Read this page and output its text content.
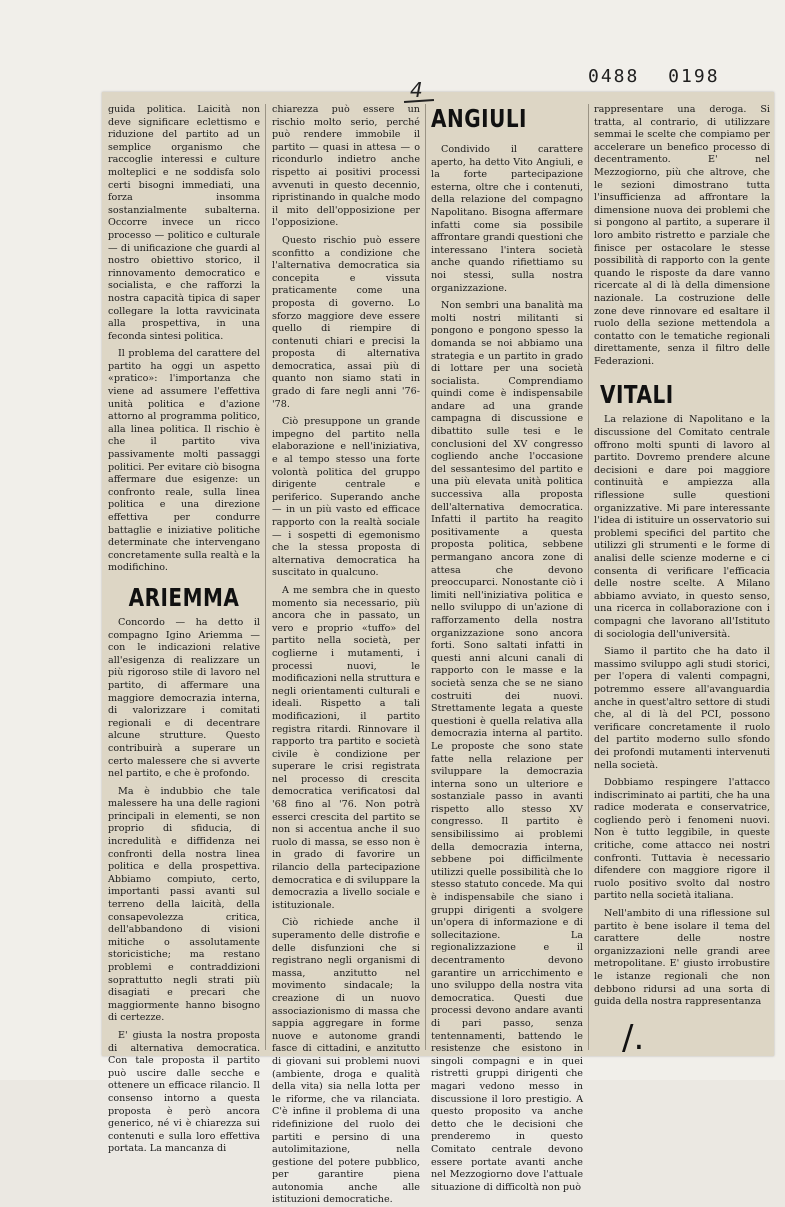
4
0488 0198

guida politica. Laicità non deve significare eclettismo e riduzione del partito ad un semplice organismo che raccoglie interessi e culture molteplici e ne soddisfa solo certi bisogni immediati, una forza insomma sostanzialmente subalterna. Occorre invece un ricco processo — politico e culturale — di unificazione che guardi al nostro obiettivo storico, il rinnovamento democratico e socialista, e che rafforzi la nostra capacità tipica di saper collegare la lotta ravvicinata alla prospettiva, in una feconda sintesi politica.

Il problema del carattere del partito ha oggi un aspetto «pratico»: l'importanza che viene ad assumere l'effettiva unità politica e d'azione attorno al programma politico, alla linea politica. Il rischio è che il partito viva passivamente molti passaggi politici. Per evitare ciò bisogna affermare due esigenze: un confronto reale, sulla linea politica e una direzione effettiva per condurre battaglie e iniziative politiche determinate che intervengano concretamente sulla realtà e la modifichino.

ARIEMMA

Concordo — ha detto il compagno Igino Ariemma — con le indicazioni relative all'esigenza di realizzare un più rigoroso stile di lavoro nel partito, di affermare una maggiore democrazia interna, di valorizzare i comitati regionali e di decentrare alcune strutture. Questo contribuirà a superare un certo malessere che si avverte nel partito, e che è profondo.

Ma è indubbio che tale malessere ha una delle ragioni principali in elementi, se non proprio di sfiducia, di incredulità e diffidenza nei confronti della nostra linea politica e della prospettiva. Abbiamo compiuto, certo, importanti passi avanti sul terreno della laicità, della consapevolezza critica, dell'abbandono di visioni mitiche o assolutamente storicistiche; ma restano problemi e contraddizioni soprattutto negli strati più disagiati e precari che maggiormente hanno bisogno di certezze.

E' giusta la nostra proposta di alternativa democratica. Con tale proposta il partito può uscire dalle secche e ottenere un efficace rilancio. Il consenso intorno a questa proposta è però ancora generico, né vi è chiarezza sui contenuti e sulla loro effettiva portata. La mancanza di

chiarezza può essere un rischio molto serio, perché può rendere immobile il partito — quasi in attesa — o ricondurlo indietro anche rispetto ai positivi processi avvenuti in questo decennio, ripristinando in qualche modo il mito dell'opposizione per l'opposizione.

Questo rischio può essere sconfitto a condizione che l'alternativa democratica sia concepita e vissuta praticamente come una proposta di governo. Lo sforzo maggiore deve essere quello di riempire di contenuti chiari e precisi la proposta di alternativa democratica, assai più di quanto non siamo stati in grado di fare negli anni '76-'78.

Ciò presuppone un grande impegno del partito nella elaborazione e nell'iniziativa, e al tempo stesso una forte volontà politica del gruppo dirigente centrale e periferico. Superando anche — in un più vasto ed efficace rapporto con la realtà sociale — i sospetti di egemonismo che la stessa proposta di alternativa democratica ha suscitato in qualcuno.

A me sembra che in questo momento sia necessario, più ancora che in passato, un vero e proprio «tuffo» del partito nella società, per coglierne i mutamenti, i processi nuovi, le modificazioni nella struttura e negli orientamenti culturali e ideali. Rispetto a tali modificazioni, il partito registra ritardi. Rinnovare il rapporto tra partito e società civile è condizione per superare le crisi registrata nel processo di crescita democratica verificatosi dal '68 fino al '76. Non potrà esserci crescita del partito se non si accentua anche il suo ruolo di massa, se esso non è in grado di favorire un rilancio della partecipazione democratica e di sviluppare la democrazia a livello sociale e istituzionale.

Ciò richiede anche il superamento delle distrofie e delle disfunzioni che si registrano negli organismi di massa, anzitutto nel movimento sindacale; la creazione di un nuovo associazionismo di massa che sappia aggregare in forme nuove e autonome grandi fasce di cittadini, e anzitutto di giovani sui problemi nuovi (ambiente, droga e qualità della vita) sia nella lotta per le riforme, che va rilanciata. C'è infine il problema di una ridefinizione del ruolo dei partiti e persino di una autolimitazione, nella gestione del potere pubblico, per garantire piena autonomia anche alle istituzioni democratiche.

ANGIULI

Condivido il carattere aperto, ha detto Vito Angiuli, e la forte partecipazione esterna, oltre che i contenuti, della relazione del compagno Napolitano. Bisogna affermare infatti come sia possibile affrontare grandi questioni che interessano l'intera società anche quando rifiettiamo su noi stessi, sulla nostra organizzazione.

Non sembri una banalità ma molti nostri militanti si pongono e pongono spesso la domanda se noi abbiamo una strategia e un partito in grado di lottare per una società socialista. Comprendiamo quindi come è indispensabile andare ad una grande campagna di discussione e dibattito sulle tesi e le conclusioni del XV congresso cogliendo anche l'occasione del sessantesimo del partito e una più elevata unità politica successiva alla proposta dell'alternativa democratica. Infatti il partito ha reagito positivamente a questa proposta politica, sebbene permangano ancora zone di attesa che devono preoccuparci. Nonostante ciò i limiti nell'iniziativa politica e nello sviluppo di un'azione di rafforzamento della nostra organizzazione sono ancora forti. Sono saltati infatti in questi anni alcuni canali di rapporto con le masse e la società senza che se ne siano costruiti dei nuovi. Strettamente legata a queste questioni è quella relativa alla democrazia interna al partito. Le proposte che sono state fatte nella relazione per sviluppare la democrazia interna sono un ulteriore e sostanziale passo in avanti rispetto allo stesso XV congresso. Il partito è sensibilissimo ai problemi della democrazia interna, sebbene poi difficilmente utilizzi quelle possibilità che lo stesso statuto concede. Ma qui è indispensabile che siano i gruppi dirigenti a svolgere un'opera di informazione e di sollecitazione. La regionalizzazione e il decentramento devono garantire un arricchimento e uno sviluppo della nostra vita democratica. Questi due processi devono andare avanti di pari passo, senza tentennamenti, battendo le resistenze che esistono in singoli compagni e in quei ristretti gruppi dirigenti che magari vedono messo in discussione il loro prestigio. A questo proposito va anche detto che le decisioni che prenderemo in questo Comitato centrale devono essere portate avanti anche nel Mezzogiorno dove l'attuale situazione di difficoltà non può

rappresentare una deroga. Si tratta, al contrario, di utilizzare semmai le scelte che compiamo per accelerare un benefico processo di decentramento. E' nel Mezzogiorno, più che altrove, che le sezioni dimostrano tutta l'insufficienza ad affrontare la dimensione nuova dei problemi che si pongono al partito, a superare il loro ambito ristretto e parziale che finisce per ostacolare le stesse possibilità di rapporto con la gente quando le risposte da dare vanno ricercate al di là della dimensione nazionale. La costruzione delle zone deve rinnovare ed esaltare il ruolo della sezione mettendola a contatto con le tematiche regionali direttamente, senza il filtro delle Federazioni.

VITALI

La relazione di Napolitano e la discussione del Comitato centrale offrono molti spunti di lavoro al partito. Dovremo prendere alcune decisioni e dare poi maggiore continuità e ampiezza alla riflessione sulle questioni organizzative. Mi pare interessante l'idea di istituire un osservatorio sui problemi specifici del partito che utilizzi gli strumenti e le forme di analisi delle scienze moderne e ci consenta di verificare l'efficacia delle nostre scelte. A Milano abbiamo avviato, in questo senso, una ricerca in collaborazione con i compagni che lavorano all'Istituto di sociologia dell'università.

Siamo il partito che ha dato il massimo sviluppo agli studi storici, per l'opera di valenti compagni, potremmo essere all'avanguardia anche in quest'altro settore di studi che, al di là del PCI, possono verificare concretamente il ruolo del partito moderno sullo sfondo dei profondi mutamenti intervenuti nella società.

Dobbiamo respingere l'attacco indiscriminato ai partiti, che ha una radice moderata e conservatrice, cogliendo però i fenomeni nuovi. Non è tutto leggibile, in queste critiche, come attacco nei nostri confronti. Tuttavia è necessario difendere con maggiore rigore il ruolo positivo svolto dal nostro partito nella società italiana.

Nell'ambito di una riflessione sul partito è bene isolare il tema del carattere delle nostre organizzazioni nelle grandi aree metropolitane. E' giusto irrobustire le istanze regionali che non debbono ridursi ad una sorta di guida della nostra rappresentanza

/.
